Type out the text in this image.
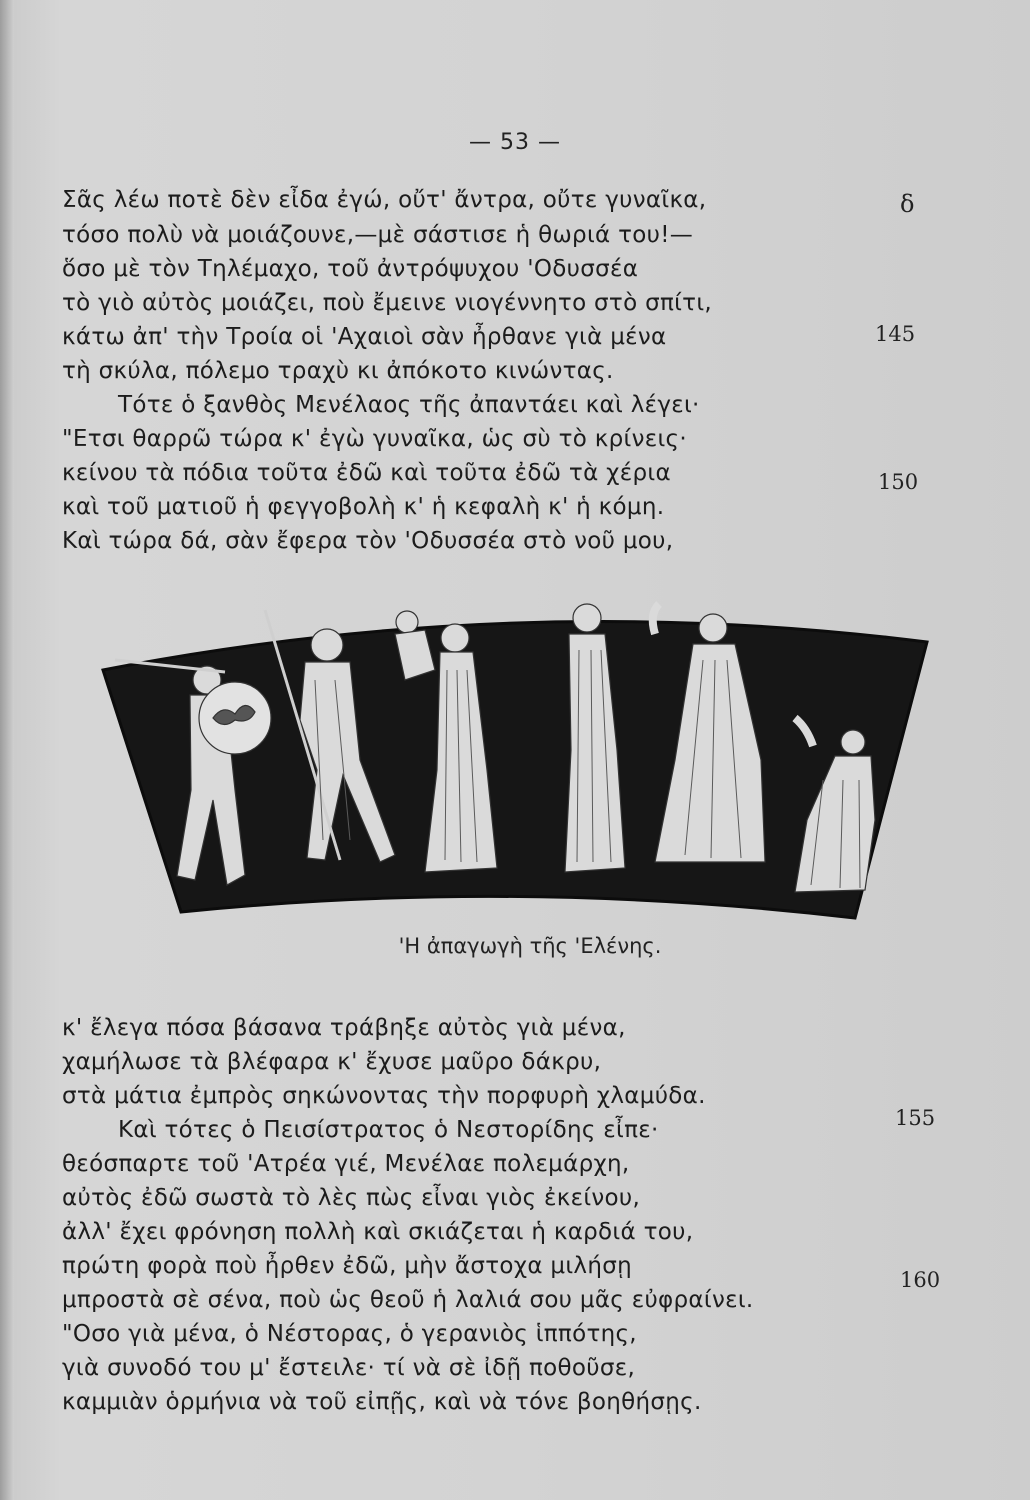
— 53 —
Σᾶς λέω ποτὲ δὲν εἶδα ἐγώ, οὔτ' ἄντρα, οὔτε γυναῖκα,
τόσο πολὺ νὰ μοιάζουνε,—μὲ σάστισε ἡ θωριά του!—
ὅσο μὲ τὸν Τηλέμαχο, τοῦ ἀντρόψυχου 'Οδυσσέα
τὸ γιὸ αὐτὸς μοιάζει, ποὺ ἔμεινε νιογέννητο στὸ σπίτι,
κάτω ἀπ' τὴν Τροία οἱ 'Αχαιοὶ σὰν ἦρθανε γιὰ μένα
τὴ σκύλα, πόλεμο τραχὺ κι ἀπόκοτο κινώντας.
Τότε ὁ ξανθὸς Μενέλαος τῆς ἀπαντάει καὶ λέγει·
"Ετσι θαρρῶ τώρα κ' ἐγὼ γυναῖκα, ὡς σὺ τὸ κρίνεις·
κείνου τὰ πόδια τοῦτα ἐδῶ καὶ τοῦτα ἐδῶ τὰ χέρια
καὶ τοῦ ματιοῦ ἡ φεγγοβολὴ κ' ἡ κεφαλὴ κ' ἡ κόμη.
Καὶ τώρα δά, σὰν ἔφερα τὸν 'Οδυσσέα στὸ νοῦ μου,
δ
145
150
'Η ἀπαγωγὴ τῆς 'Ελένης.
κ' ἔλεγα πόσα βάσανα τράβηξε αὐτὸς γιὰ μένα,
χαμήλωσε τὰ βλέφαρα κ' ἔχυσε μαῦρο δάκρυ,
στὰ μάτια ἐμπρὸς σηκώνοντας τὴν πορφυρὴ χλαμύδα.
Καὶ τότες ὁ Πεισίστρατος ὁ Νεστορίδης εἶπε·
θεόσπαρτε τοῦ 'Ατρέα γιέ, Μενέλαε πολεμάρχη,
αὐτὸς ἐδῶ σωστὰ τὸ λὲς πὼς εἶναι γιὸς ἐκείνου,
ἀλλ' ἔχει φρόνηση πολλὴ καὶ σκιάζεται ἡ καρδιά του,
πρώτη φορὰ ποὺ ἦρθεν ἐδῶ, μὴν ἄστοχα μιλήσῃ
μπροστὰ σὲ σένα, ποὺ ὡς θεοῦ ἡ λαλιά σου μᾶς εὐφραίνει.
"Οσο γιὰ μένα, ὁ Νέστορας, ὁ γερανιὸς ἱππότης,
γιὰ συνοδό του μ' ἔστειλε· τί νὰ σὲ ἰδῇ ποθοῦσε,
καμμιὰν ὁρμήνια νὰ τοῦ εἰπῇς, καὶ νὰ τόνε βοηθήσῃς.
155
160
